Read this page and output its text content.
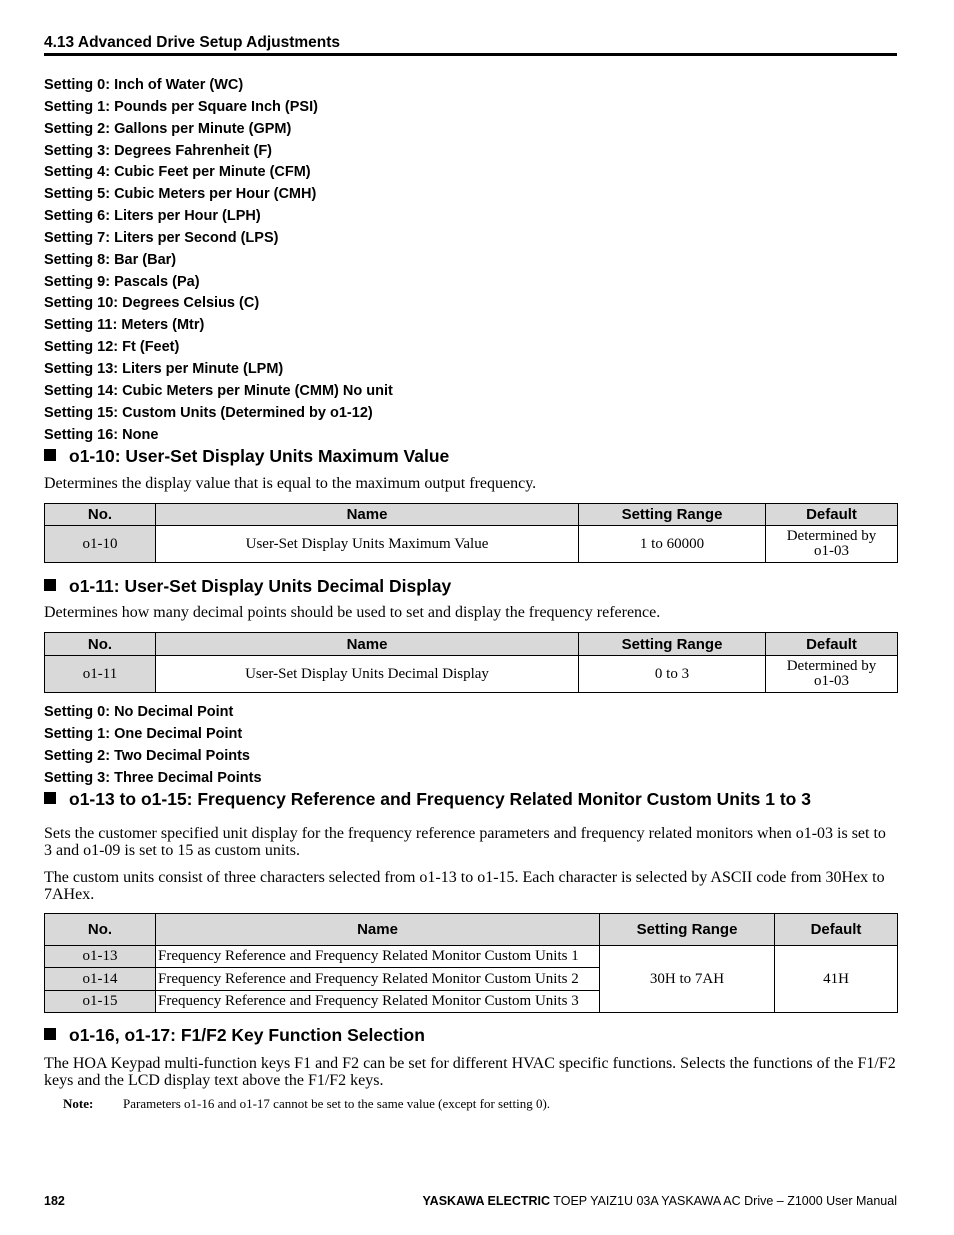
4.13 Advanced Drive Setup Adjustments
Setting 0: Inch of Water (WC)
Setting 1: Pounds per Square Inch (PSI)
Setting 2: Gallons per Minute (GPM)
Setting 3: Degrees Fahrenheit (F)
Setting 4: Cubic Feet per Minute (CFM)
Setting 5: Cubic Meters per Hour (CMH)
Setting 6: Liters per Hour (LPH)
Setting 7: Liters per Second (LPS)
Setting 8: Bar (Bar)
Setting 9: Pascals (Pa)
Setting 10: Degrees Celsius (C)
Setting 11: Meters (Mtr)
Setting 12: Ft (Feet)
Setting 13: Liters per Minute (LPM)
Setting 14: Cubic Meters per Minute (CMM) No unit
Setting 15: Custom Units (Determined by o1-12)
Setting 16: None
o1-10: User-Set Display Units Maximum Value
Determines the display value that is equal to the maximum output frequency.
No.	Name	Setting Range	Default
o1-10	User-Set Display Units Maximum Value	1 to 60000	Determined by
o1-03
o1-11: User-Set Display Units Decimal Display
Determines how many decimal points should be used to set and display the frequency reference.
No.	Name	Setting Range	Default
o1-11	User-Set Display Units Decimal Display	0 to 3	Determined by
o1-03
Setting 0: No Decimal Point
Setting 1: One Decimal Point
Setting 2: Two Decimal Points
Setting 3: Three Decimal Points
o1-13 to o1-15: Frequency Reference and Frequency Related Monitor Custom Units 1 to 3
Sets the customer specified unit display for the frequency reference parameters and frequency related monitors when o1-03 is set to 3 and o1-09 is set to 15 as custom units.
The custom units consist of three characters selected from o1-13 to o1-15. Each character is selected by ASCII code from 30Hex to 7AHex.
No.	Name	Setting Range	Default
o1-13	Frequency Reference and Frequency Related Monitor Custom Units 1	30H to 7AH	41H
o1-14	Frequency Reference and Frequency Related Monitor Custom Units 2		
o1-15	Frequency Reference and Frequency Related Monitor Custom Units 3		
o1-16, o1-17: F1/F2 Key Function Selection
The HOA Keypad multi-function keys F1 and F2 can be set for different HVAC specific functions. Selects the functions of the F1/F2 keys and the LCD display text above the F1/F2 keys.
Note: Parameters o1-16 and o1-17 cannot be set to the same value (except for setting 0).
182	YASKAWA ELECTRIC TOEP YAIZ1U 03A YASKAWA AC Drive – Z1000 User Manual
